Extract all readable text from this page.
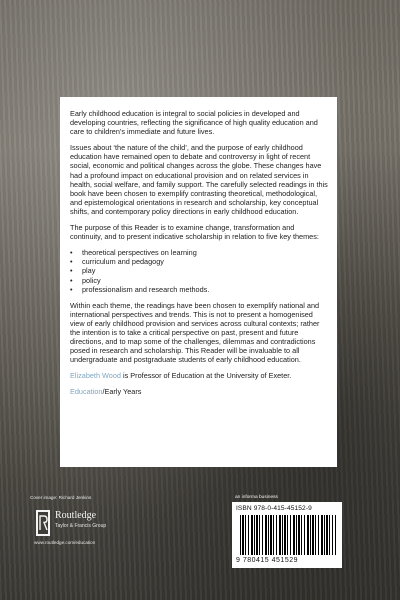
Early childhood education is integral to social policies in developed and developing countries, reflecting the significance of high quality education and care to children’s immediate and future lives.

Issues about ‘the nature of the child’, and the purpose of early childhood education have remained open to debate and controversy in light of recent social, economic and political changes across the globe. These changes have had a profound impact on educational provision and on related services in health, social welfare, and family support. The carefully selected readings in this book have been chosen to exemplify contrasting theoretical, methodological, and epistemological orientations in research and scholarship, key conceptual shifts, and contemporary policy directions in early childhood education.

The purpose of this Reader is to examine change, transformation and continuity, and to present indicative scholarship in relation to five key themes:

• theoretical perspectives on learning
• curriculum and pedagogy
• play
• policy
• professionalism and research methods.

Within each theme, the readings have been chosen to exemplify national and international perspectives and trends. This is not to present a homogenised view of early childhood provision and services across cultural contexts; rather the intention is to take a critical perspective on past, present and future directions, and to map some of the challenges, dilemmas and contradictions posed in research and scholarship. This Reader will be invaluable to all undergraduate and postgraduate students of early childhood education.

Elizabeth Wood is Professor of Education at the University of Exeter.

Education/Early Years

Cover image: Richard Jenkins	an informa business
ISBN 978-0-415-45152-9
9 780415 451529
Routledge
Taylor & Francis Group
www.routledge.com/education
